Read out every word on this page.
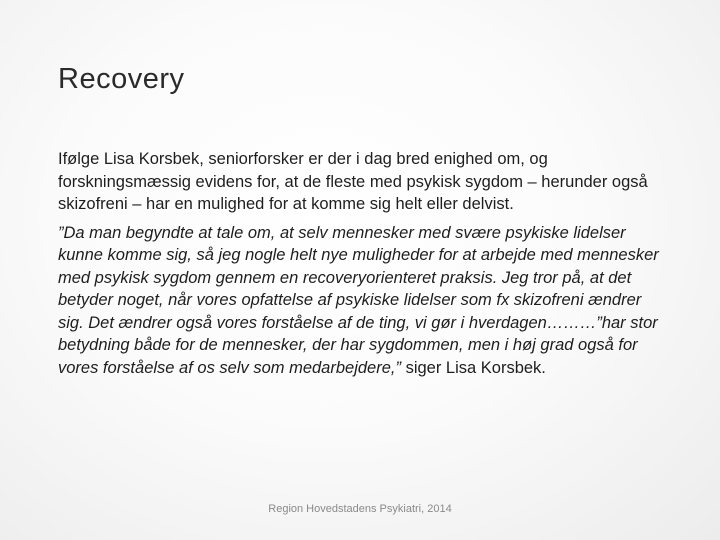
Recovery

Ifølge Lisa Korsbek, seniorforsker er der i dag bred enighed om, og forskningsmæssig evidens for, at de fleste med psykisk sygdom – herunder også skizofreni – har en mulighed for at komme sig helt eller delvist.

”Da man begyndte at tale om, at selv mennesker med svære psykiske lidelser kunne komme sig, så jeg nogle helt nye muligheder for at arbejde med mennesker med psykisk sygdom gennem en recoveryorienteret praksis. Jeg tror på, at det betyder noget, når vores opfattelse af psykiske lidelser som fx skizofreni ændrer sig. Det ændrer også vores forståelse af de ting, vi gør i hverdagen………”har stor betydning både for de mennesker, der har sygdommen, men i høj grad også for vores forståelse af os selv som medarbejdere,” siger Lisa Korsbek.

Region Hovedstadens Psykiatri, 2014
